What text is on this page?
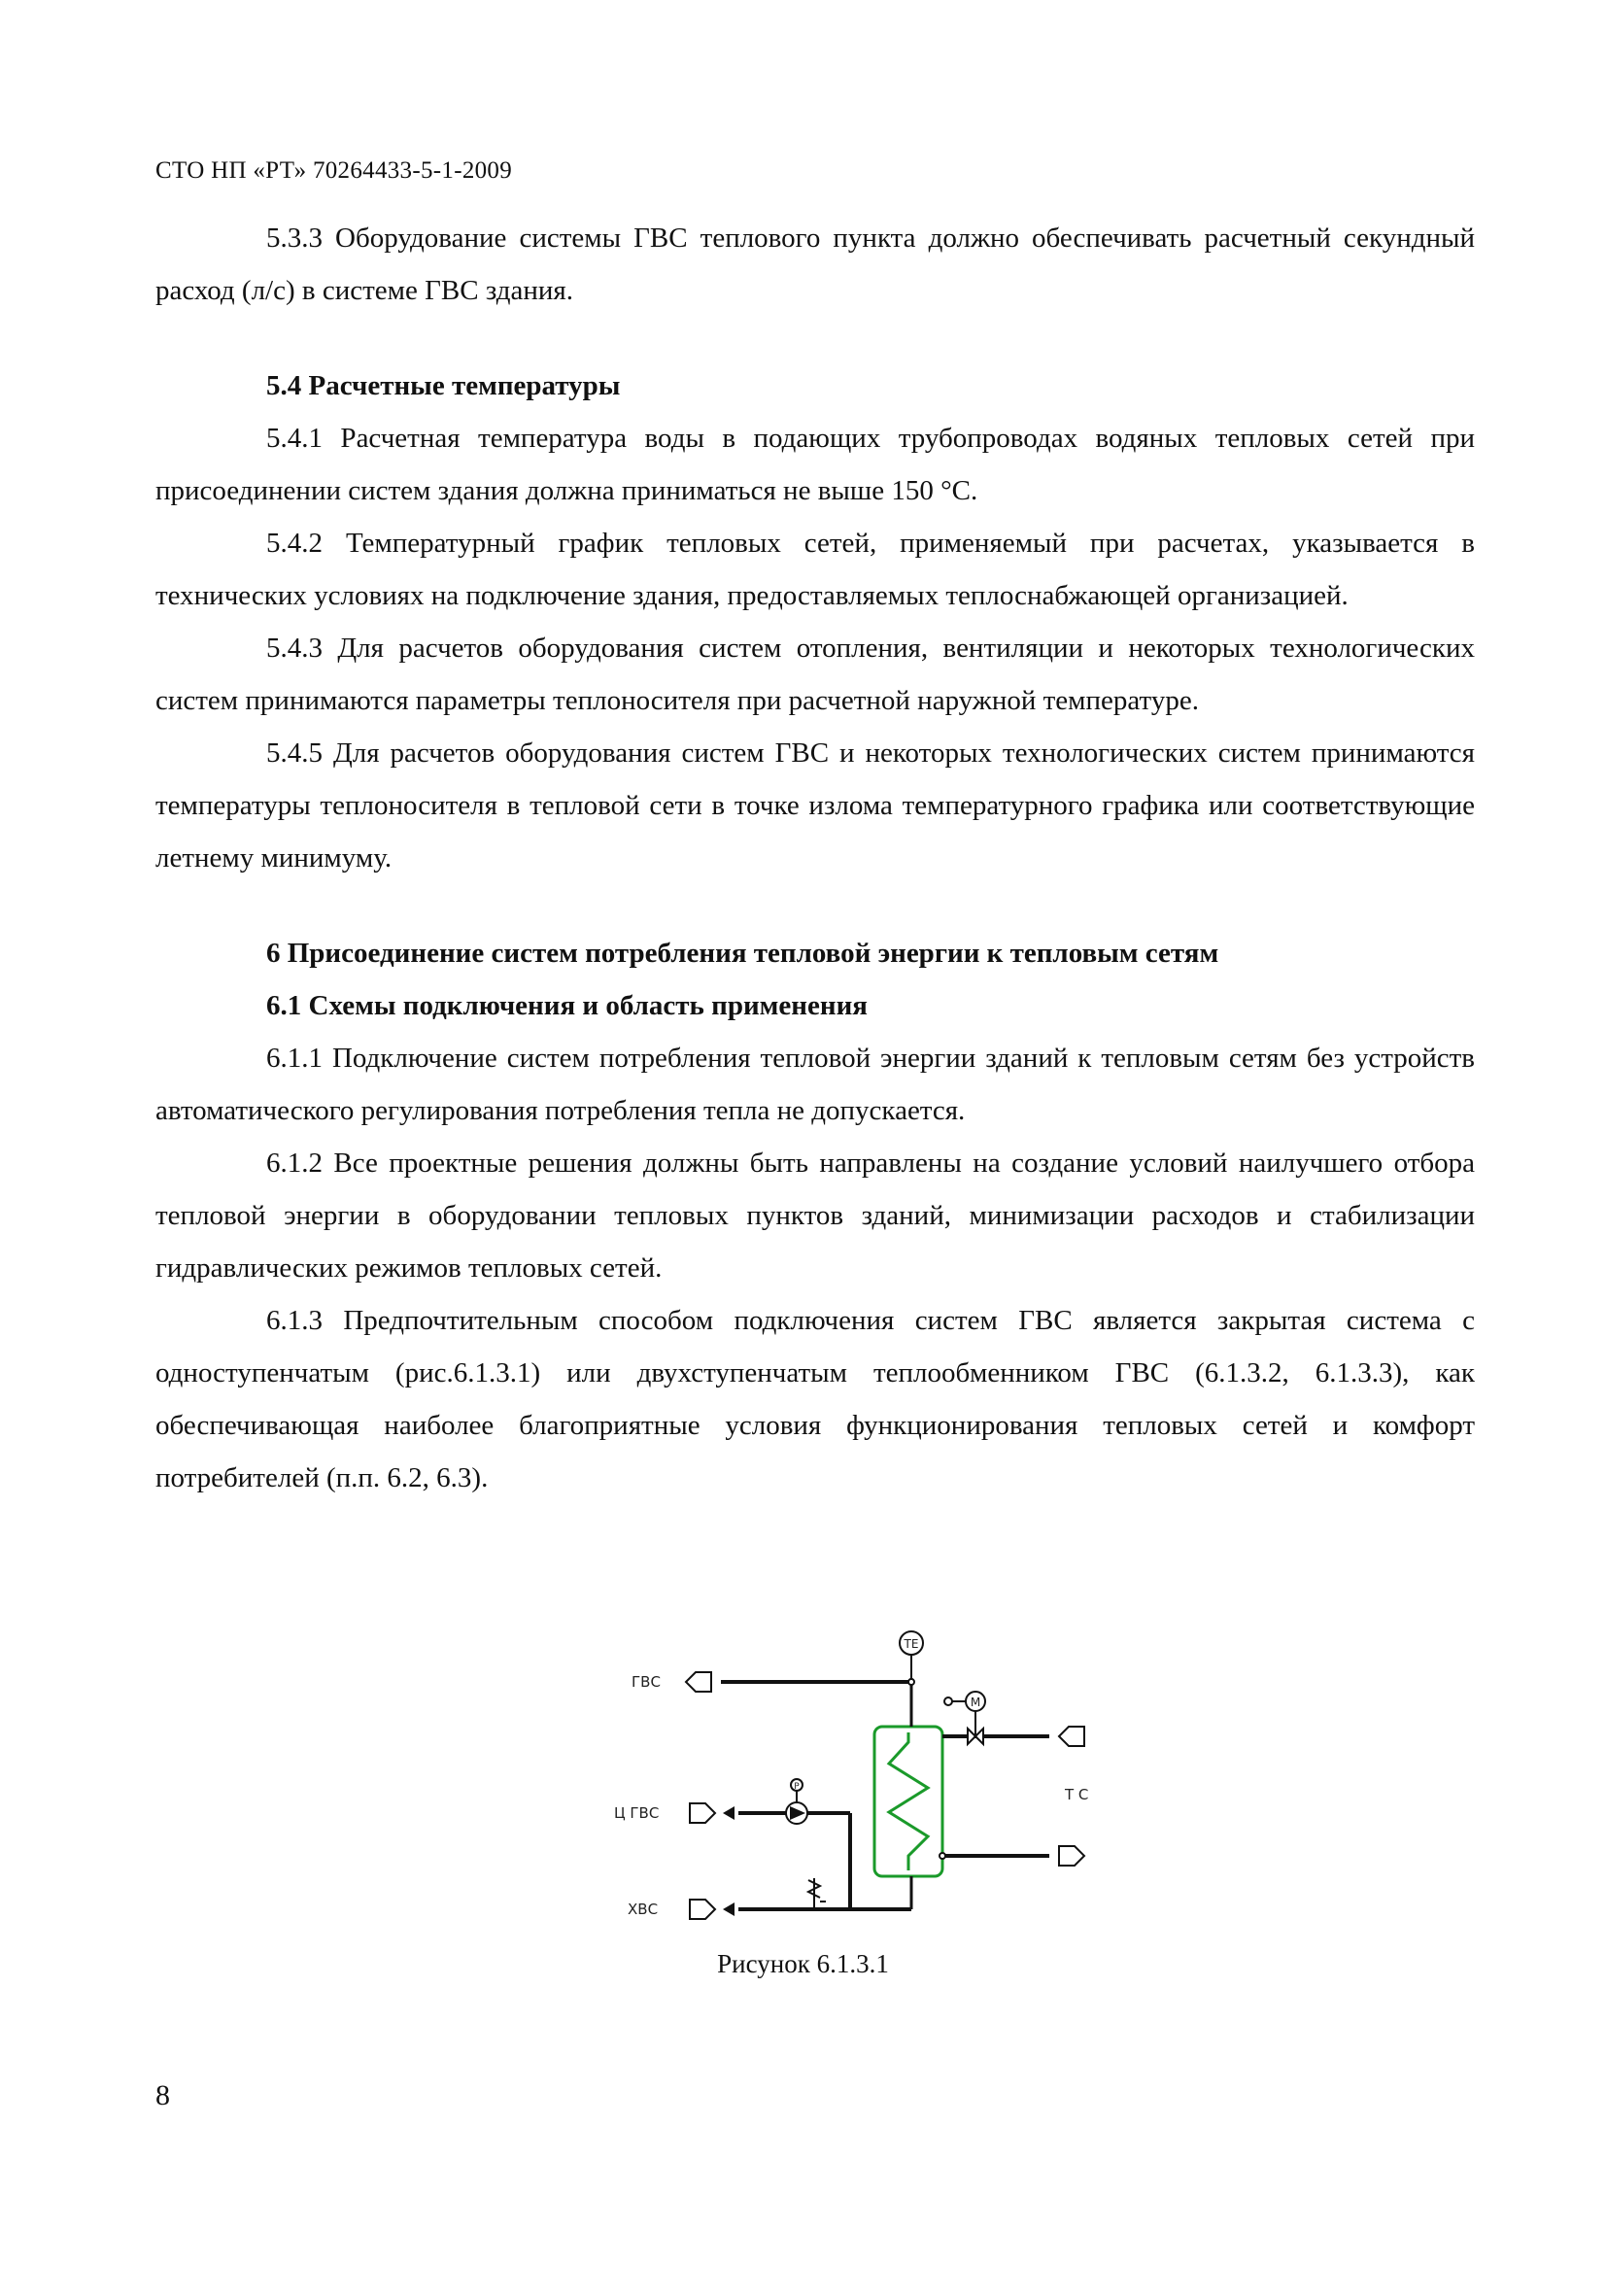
СТО НП «РТ» 70264433-5-1-2009

5.3.3 Оборудование системы ГВС теплового пункта должно обеспечивать расчетный секундный расход (л/с) в системе ГВС здания.

5.4 Расчетные температуры

5.4.1 Расчетная температура воды в подающих трубопроводах водяных тепловых сетей при присоединении систем здания должна приниматься не выше 150 °С.

5.4.2 Температурный график тепловых сетей, применяемый при расчетах, указывается в технических условиях на подключение здания, предоставляемых теплоснабжающей организацией.

5.4.3 Для расчетов оборудования систем отопления, вентиляции и некоторых технологических систем принимаются параметры теплоносителя при расчетной наружной температуре.

5.4.5 Для расчетов оборудования систем ГВС и некоторых технологических систем принимаются температуры теплоносителя в тепловой сети в точке излома температурного графика или соответствующие летнему минимуму.

6 Присоединение систем потребления тепловой энергии к тепловым сетям

6.1 Схемы подключения и область применения

6.1.1 Подключение систем потребления тепловой энергии зданий к тепловым сетям без устройств автоматического регулирования потребления тепла не допускается.

6.1.2 Все проектные решения должны быть направлены на создание условий наилучшего отбора тепловой энергии в оборудовании тепловых пунктов зданий, минимизации расходов и стабилизации гидравлических режимов тепловых сетей.

6.1.3 Предпочтительным способом подключения систем ГВС является закрытая система с одноступенчатым (рис.6.1.3.1) или двухступенчатым теплообменником ГВС (6.1.3.2, 6.1.3.3), как обеспечивающая наиболее благоприятные условия функционирования тепловых сетей и комфорт потребителей (п.п. 6.2, 6.3).

TE
ГВС
M
Т С
P
Ц ГВС
ХВС
Рисунок 6.1.3.1
8
